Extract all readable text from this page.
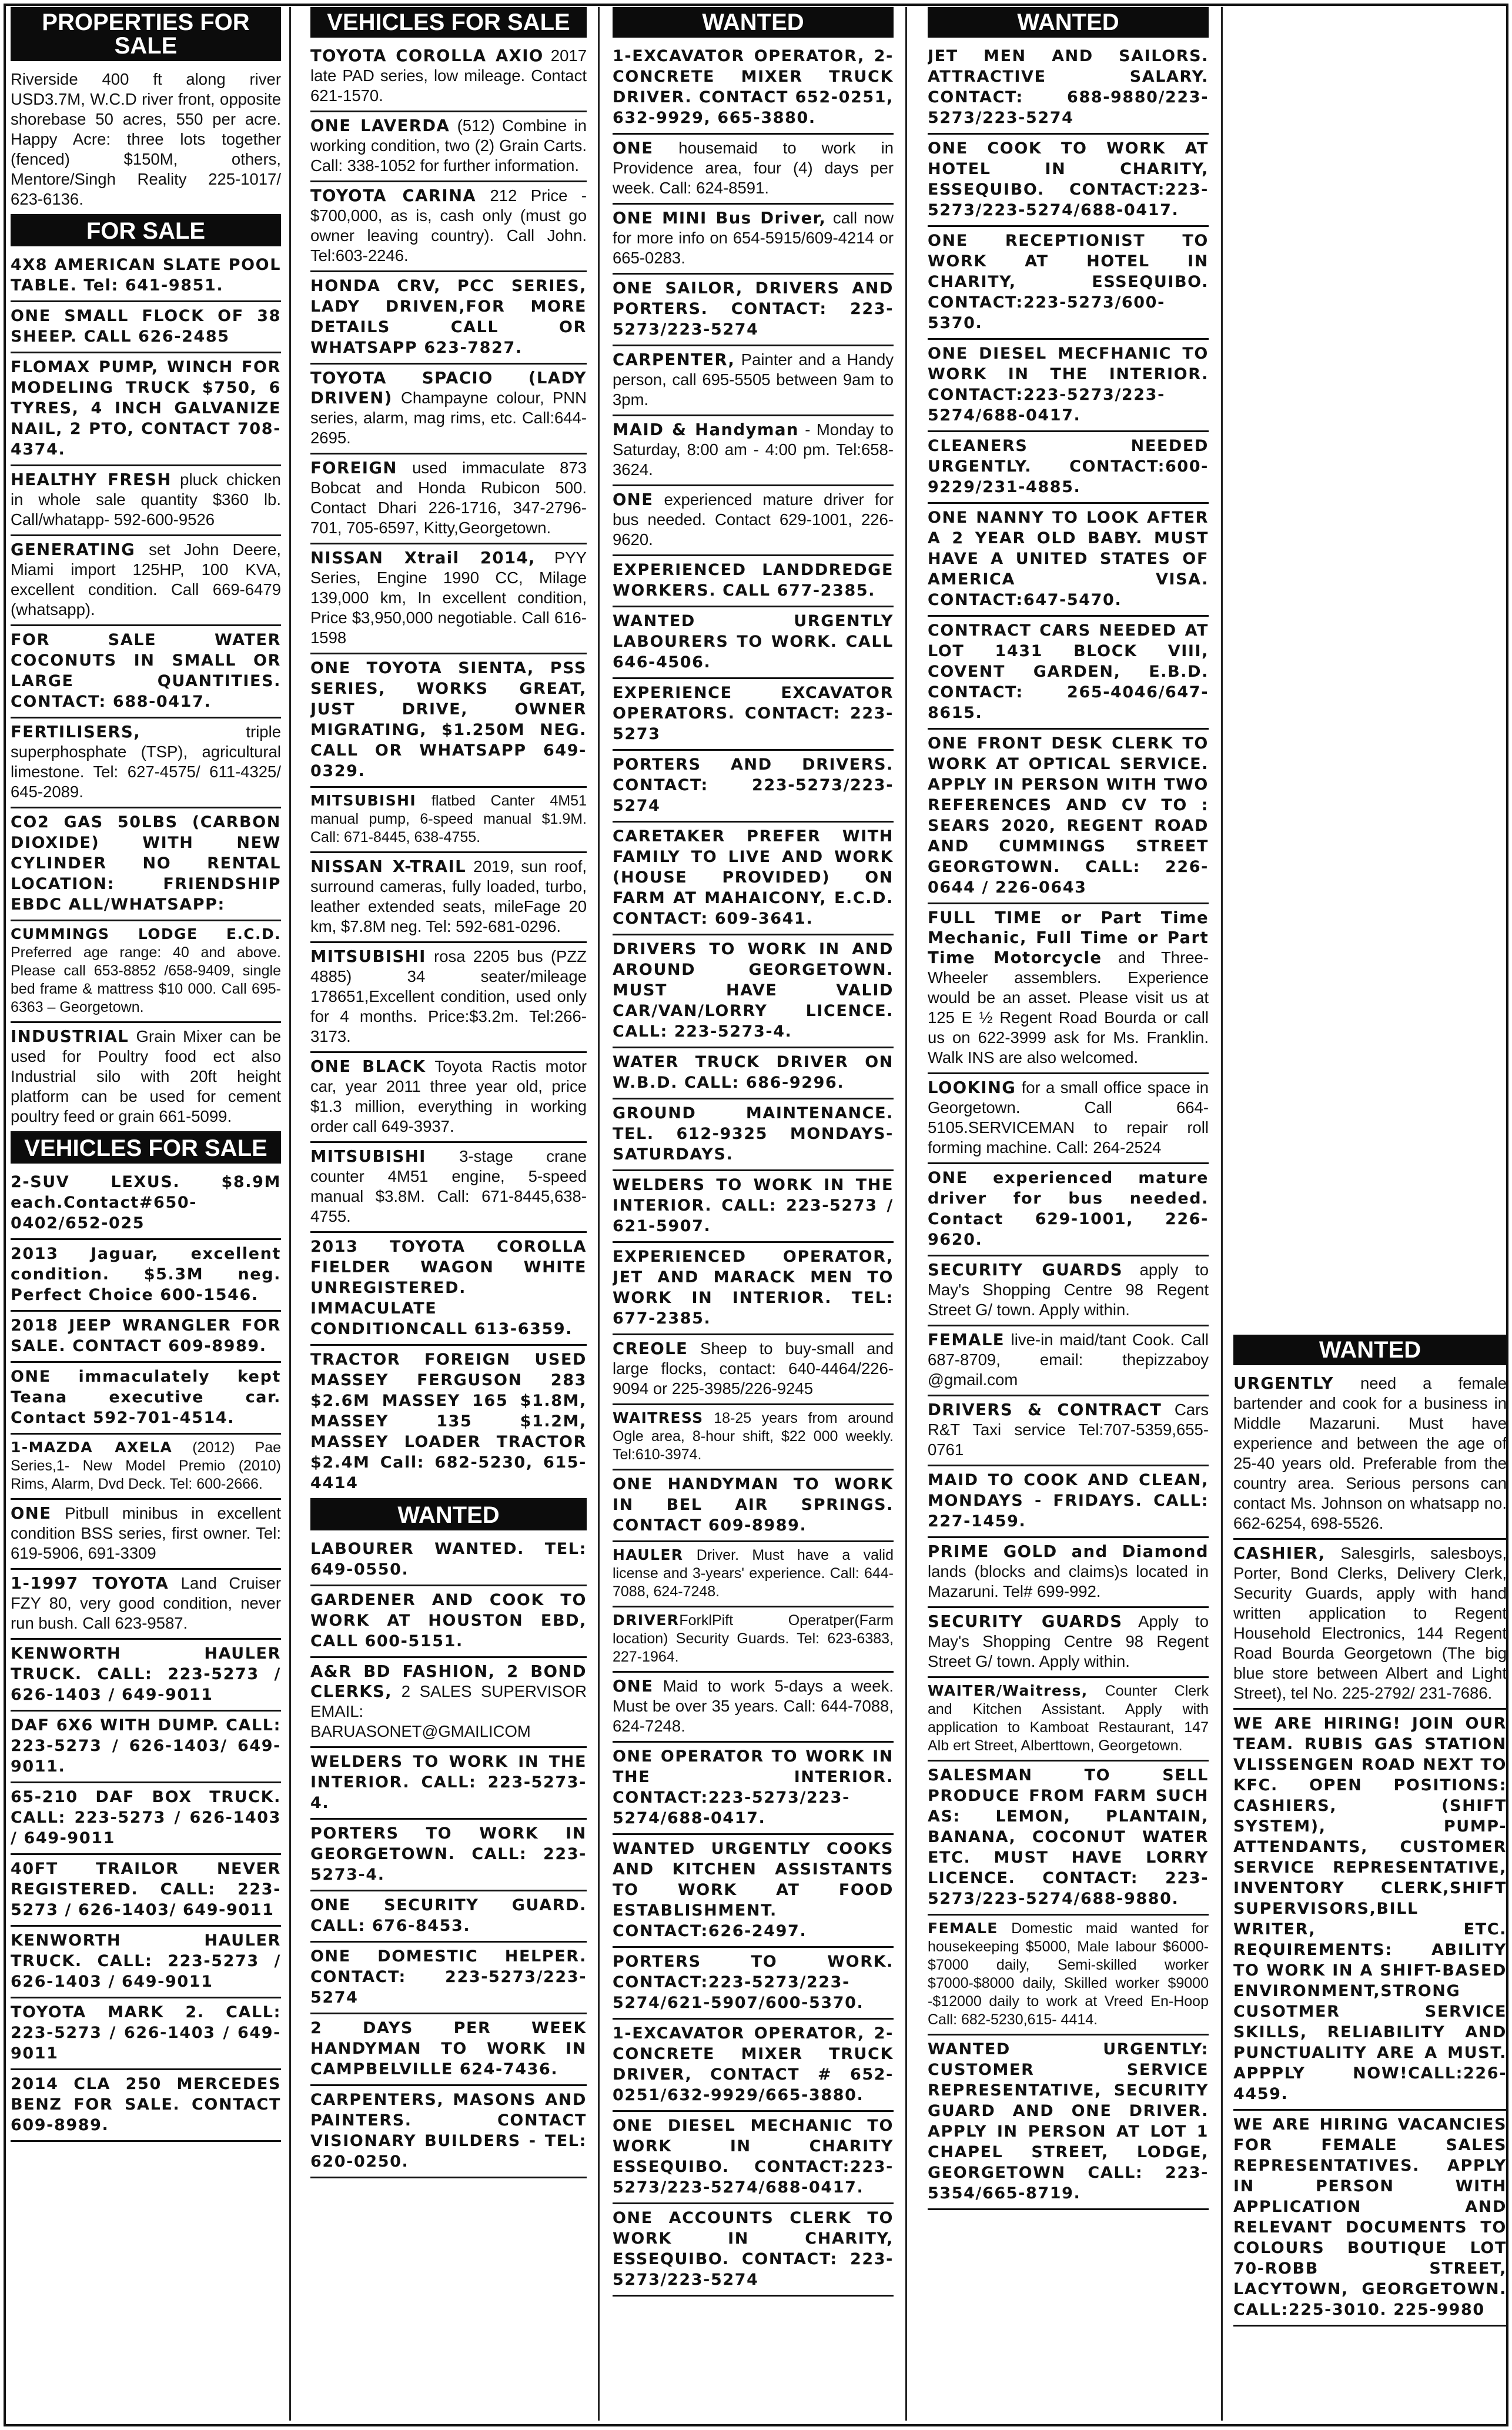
PROPERTIES FOR SALE

Riverside 400 ft along river USD3.7M, W.C.D river front, opposite shorebase 50 acres, 550 per acre. Happy Acre: three lots together (fenced) $150M, others, Mentore/Singh Reality 225-1017/ 623-6136.

FOR SALE

4X8 AMERICAN SLATE POOL TABLE. Tel: 641-9851.

ONE SMALL FLOCK OF 38 SHEEP. CALL 626-2485

FLOMAX PUMP, WINCH FOR MODELING TRUCK $750, 6 TYRES, 4 INCH GALVANIZE NAIL, 2 PTO, CONTACT 708-4374.

HEALTHY FRESH pluck chicken in whole sale quantity $360 lb. Call/whatapp- 592-600-9526

GENERATING set John Deere, Miami import 125HP, 100 KVA, excellent condition. Call 669-6479 (whatsapp).

FOR SALE WATER COCONUTS IN SMALL OR LARGE QUANTITIES. CONTACT: 688-0417.

FERTILISERS, triple superphosphate (TSP), agricultural limestone. Tel: 627-4575/ 611-4325/ 645-2089.

CO2 GAS 50LBS (CARBON DIOXIDE) WITH NEW CYLINDER NO RENTAL LOCATION: FRIENDSHIP EBDC ALL/WHATSAPP:

CUMMINGS LODGE E.C.D. Preferred age range: 40 and above. Please call 653-8852 /658-9409, single bed frame & mattress $10 000. Call 695-6363 – Georgetown.

INDUSTRIAL Grain Mixer can be used for Poultry food ect also Industrial silo with 20ft height platform can be used for cement poultry feed or grain 661-5099.

VEHICLES FOR SALE

2-SUV LEXUS. $8.9M each.Contact#650-0402/652-025

2013 Jaguar, excellent condition. $5.3M neg. Perfect Choice 600-1546.

2018 JEEP WRANGLER FOR SALE. CONTACT 609-8989.

ONE immaculately kept Teana executive car. Contact 592-701-4514.

1-MAZDA AXELA (2012) Pae Series,1- New Model Premio (2010) Rims, Alarm, Dvd Deck. Tel: 600-2666.

ONE Pitbull minibus in excellent condition BSS series, first owner. Tel: 619-5906, 691-3309

1-1997 TOYOTA Land Cruiser FZY 80, very good condition, never run bush. Call 623-9587.

KENWORTH HAULER TRUCK. CALL: 223-5273 / 626-1403 / 649-9011

DAF 6X6 WITH DUMP. CALL: 223-5273 / 626-1403/ 649-9011.

65-210 DAF BOX TRUCK. CALL: 223-5273 / 626-1403 / 649-9011

40FT TRAILOR NEVER REGISTERED. CALL: 223-5273 / 626-1403/ 649-9011

KENWORTH HAULER TRUCK. CALL: 223-5273 / 626-1403 / 649-9011

TOYOTA MARK 2. CALL: 223-5273 / 626-1403 / 649-9011

2014 CLA 250 MERCEDES BENZ FOR SALE. CONTACT 609-8989.

VEHICLES FOR SALE

TOYOTA COROLLA AXIO 2017 late PAD series, low mileage. Contact 621-1570.

ONE LAVERDA (512) Combine in working condition, two (2) Grain Carts. Call: 338-1052 for further information.

TOYOTA CARINA 212 Price - $700,000, as is, cash only (must go owner leaving country). Call John. Tel:603-2246.

HONDA CRV, PCC SERIES, LADY DRIVEN,FOR MORE DETAILS CALL OR WHATSAPP 623-7827.

TOYOTA SPACIO (LADY DRIVEN) Champayne colour, PNN series, alarm, mag rims, etc. Call:644-2695.

FOREIGN used immaculate 873 Bobcat and Honda Rubicon 500. Contact Dhari 226-1716, 347-2796-701, 705-6597, Kitty,Georgetown.

NISSAN Xtrail 2014, PYY Series, Engine 1990 CC, Milage 139,000 km, In excellent condition, Price $3,950,000 negotiable. Call 616-1598

ONE TOYOTA SIENTA, PSS SERIES, WORKS GREAT, JUST DRIVE, OWNER MIGRATING, $1.250M NEG. CALL OR WHATSAPP 649-0329.

MITSUBISHI flatbed Canter 4M51 manual pump, 6-speed manual $1.9M. Call: 671-8445, 638-4755.

NISSAN X-TRAIL 2019, sun roof, surround cameras, fully loaded, turbo, leather extended seats, mileFage 20 km, $7.8M neg. Tel: 592-681-0296.

MITSUBISHI rosa 2205 bus (PZZ 4885) 34 seater/mileage 178651,Excellent condition, used only for 4 months. Price:$3.2m. Tel:266-3173.

ONE BLACK Toyota Ractis motor car, year 2011 three year old, price $1.3 million, everything in working order call 649-3937.

MITSUBISHI 3-stage crane counter 4M51 engine, 5-speed manual $3.8M. Call: 671-8445,638-4755.

2013 TOYOTA COROLLA FIELDER WAGON WHITE UNREGISTERED. IMMACULATE CONDITIONCALL 613-6359.

TRACTOR FOREIGN USED MASSEY FERGUSON 283 $2.6M MASSEY 165 $1.8M, MASSEY 135 $1.2M, MASSEY LOADER TRACTOR $2.4M Call: 682-5230, 615-4414

WANTED

LABOURER WANTED. TEL: 649-0550.

GARDENER AND COOK TO WORK AT HOUSTON EBD, CALL 600-5151.

A&R BD FASHION, 2 BOND CLERKS, 2 SALES SUPERVISOR EMAIL: BARUASONET@GMAILICOM

WELDERS TO WORK IN THE INTERIOR. CALL: 223-5273-4.

PORTERS TO WORK IN GEORGETOWN. CALL: 223-5273-4.

ONE SECURITY GUARD. CALL: 676-8453.

ONE DOMESTIC HELPER. CONTACT: 223-5273/223-5274

2 DAYS PER WEEK HANDYMAN TO WORK IN CAMPBELVILLE 624-7436.

CARPENTERS, MASONS AND PAINTERS. CONTACT VISIONARY BUILDERS - TEL: 620-0250.

WANTED

1-EXCAVATOR OPERATOR, 2-CONCRETE MIXER TRUCK DRIVER. CONTACT 652-0251, 632-9929, 665-3880.

ONE housemaid to work in Providence area, four (4) days per week. Call: 624-8591.

ONE MINI Bus Driver, call now for more info on 654-5915/609-4214 or 665-0283.

ONE SAILOR, DRIVERS AND PORTERS. CONTACT: 223-5273/223-5274

CARPENTER, Painter and a Handy person, call 695-5505 between 9am to 3pm.

MAID & Handyman - Monday to Saturday, 8:00 am - 4:00 pm. Tel:658-3624.

ONE experienced mature driver for bus needed. Contact 629-1001, 226-9620.

EXPERIENCED LANDDREDGE WORKERS. CALL 677-2385.

WANTED URGENTLY LABOURERS TO WORK. CALL 646-4506.

EXPERIENCE EXCAVATOR OPERATORS. CONTACT: 223-5273

PORTERS AND DRIVERS. CONTACT: 223-5273/223-5274

CARETAKER PREFER WITH FAMILY TO LIVE AND WORK (HOUSE PROVIDED) ON FARM AT MAHAICONY, E.C.D. CONTACT: 609-3641.

DRIVERS TO WORK IN AND AROUND GEORGETOWN. MUST HAVE VALID CAR/VAN/LORRY LICENCE. CALL: 223-5273-4.

WATER TRUCK DRIVER ON W.B.D. CALL: 686-9296.

GROUND MAINTENANCE. TEL. 612-9325 MONDAYS-SATURDAYS.

WELDERS TO WORK IN THE INTERIOR. CALL: 223-5273 / 621-5907.

EXPERIENCED OPERATOR, JET AND MARACK MEN TO WORK IN INTERIOR. TEL: 677-2385.

CREOLE Sheep to buy-small and large flocks, contact: 640-4464/226-9094 or 225-3985/226-9245

WAITRESS 18-25 years from around Ogle area, 8-hour shift, $22 000 weekly. Tel:610-3974.

ONE HANDYMAN TO WORK IN BEL AIR SPRINGS. CONTACT 609-8989.

HAULER Driver. Must have a valid license and 3-years' experience. Call: 644-7088, 624-7248.

DRIVERForklPift Operatper(Farm location) Security Guards. Tel: 623-6383, 227-1964.

ONE Maid to work 5-days a week. Must be over 35 years. Call: 644-7088, 624-7248.

ONE OPERATOR TO WORK IN THE INTERIOR. CONTACT:223-5273/223-5274/688-0417.

WANTED URGENTLY COOKS AND KITCHEN ASSISTANTS TO WORK AT FOOD ESTABLISHMENT. CONTACT:626-2497.

PORTERS TO WORK. CONTACT:223-5273/223-5274/621-5907/600-5370.

1-EXCAVATOR OPERATOR, 2- CONCRETE MIXER TRUCK DRIVER, CONTACT # 652-0251/632-9929/665-3880.

ONE DIESEL MECHANIC TO WORK IN CHARITY ESSEQUIBO. CONTACT:223-5273/223-5274/688-0417.

ONE ACCOUNTS CLERK TO WORK IN CHARITY, ESSEQUIBO. CONTACT: 223-5273/223-5274

WANTED

JET MEN AND SAILORS. ATTRACTIVE SALARY. CONTACT: 688-9880/223-5273/223-5274

ONE COOK TO WORK AT HOTEL IN CHARITY, ESSEQUIBO. CONTACT:223-5273/223-5274/688-0417.

ONE RECEPTIONIST TO WORK AT HOTEL IN CHARITY, ESSEQUIBO. CONTACT:223-5273/600-5370.

ONE DIESEL MECFHANIC TO WORK IN THE INTERIOR. CONTACT:223-5273/223-5274/688-0417.

CLEANERS NEEDED URGENTLY. CONTACT:600-9229/231-4885.

ONE NANNY TO LOOK AFTER A 2 YEAR OLD BABY. MUST HAVE A UNITED STATES OF AMERICA VISA. CONTACT:647-5470.

CONTRACT CARS NEEDED AT LOT 1431 BLOCK VIII, COVENT GARDEN, E.B.D. CONTACT: 265-4046/647-8615.

ONE FRONT DESK CLERK TO WORK AT OPTICAL SERVICE. APPLY IN PERSON WITH TWO REFERENCES AND CV TO : SEARS 2020, REGENT ROAD AND CUMMINGS STREET GEORGTOWN. CALL: 226-0644 / 226-0643

FULL TIME or Part Time Mechanic, Full Time or Part Time Motorcycle and Three-Wheeler assemblers. Experience would be an asset. Please visit us at 125 E ½ Regent Road Bourda or call us on 622-3999 ask for Ms. Franklin. Walk INS are also welcomed.

LOOKING for a small office space in Georgetown. Call 664-5105.SERVICEMAN to repair roll forming machine. Call: 264-2524

ONE experienced mature driver for bus needed. Contact 629-1001, 226-9620.

SECURITY GUARDS apply to May's Shopping Centre 98 Regent Street G/ town. Apply within.

FEMALE live-in maid/tant Cook. Call 687-8709, email: thepizzaboy @gmail.com

DRIVERS & CONTRACT Cars R&T Taxi service Tel:707-5359,655-0761

MAID TO COOK AND CLEAN, MONDAYS - FRIDAYS. CALL: 227-1459.

PRIME GOLD and Diamond lands (blocks and claims)s located in Mazaruni. Tel# 699-992.

SECURITY GUARDS Apply to May's Shopping Centre 98 Regent Street G/ town. Apply within.

WAITER/Waitress, Counter Clerk and Kitchen Assistant. Apply with application to Kamboat Restaurant, 147 Alb ert Street, Alberttown, Georgetown.

SALESMAN TO SELL PRODUCE FROM FARM SUCH AS: LEMON, PLANTAIN, BANANA, COCONUT WATER ETC. MUST HAVE LORRY LICENCE. CONTACT: 223-5273/223-5274/688-9880.

FEMALE Domestic maid wanted for housekeeping $5000, Male labour $6000- $7000 daily, Semi-skilled worker $7000-$8000 daily, Skilled worker $9000 -$12000 daily to work at Vreed En-Hoop Call: 682-5230,615- 4414.

WANTED URGENTLY: CUSTOMER SERVICE REPRESENTATIVE, SECURITY GUARD AND ONE DRIVER. APPLY IN PERSON AT LOT 1 CHAPEL STREET, LODGE, GEORGETOWN CALL: 223-5354/665-8719.

WANTED

URGENTLY need a female bartender and cook for a business in Middle Mazaruni. Must have experience and between the age of 25-40 years old. Preferable from the country area. Serious persons can contact Ms. Johnson on whatsapp no. 662-6254, 698-5526.

CASHIER, Salesgirls, salesboys, Porter, Bond Clerks, Delivery Clerk, Security Guards, apply with hand written application to Regent Household Electronics, 144 Regent Road Bourda Georgetown (The big blue store between Albert and Light Street), tel No. 225-2792/ 231-7686.

WE ARE HIRING! JOIN OUR TEAM. RUBIS GAS STATION VLISSENGEN ROAD NEXT TO KFC. OPEN POSITIONS: CASHIERS, (SHIFT SYSTEM), PUMP-ATTENDANTS, CUSTOMER SERVICE REPRESENTATIVE, INVENTORY CLERK,SHIFT SUPERVISORS,BILL WRITER, ETC. REQUIREMENTS: ABILITY TO WORK IN A SHIFT-BASED ENVIRONMENT,STRONG CUSOTMER SERVICE SKILLS, RELIABILITY AND PUNCTUALITY ARE A MUST. APPPLY NOW!CALL:226-4459.

WE ARE HIRING VACANCIES FOR FEMALE SALES REPRESENTATIVES. APPLY IN PERSON WITH APPLICATION AND RELEVANT DOCUMENTS TO COLOURS BOUTIQUE LOT 70-ROBB STREET, LACYTOWN, GEORGETOWN. CALL:225-3010. 225-9980
